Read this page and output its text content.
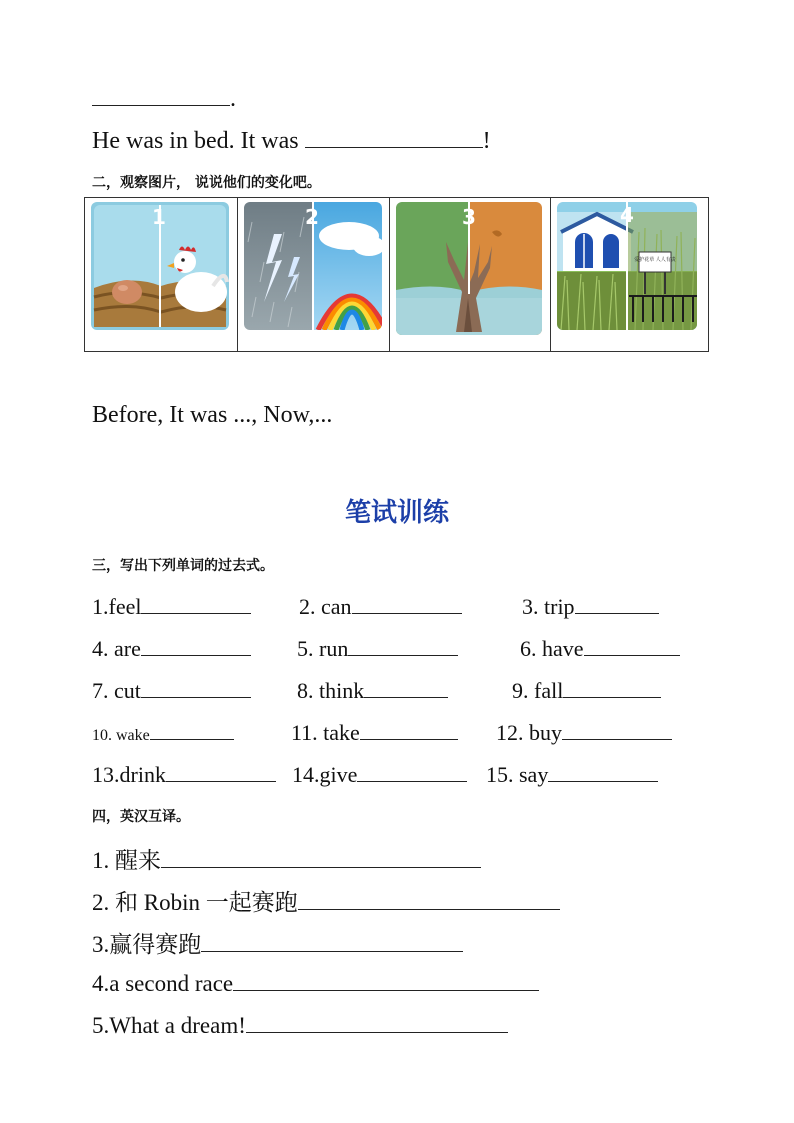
.
He was in bed. It was	!
二，观察图片， 说说他们的变化吧。
1	2	3
爱护花草 人人有责
4
Before, It was ..., Now,...
笔试训练
三，写出下列单词的过去式。
1.feel	2. can	3. trip
4. are	5. run	6. have
7. cut	8. think	9. fall
10. wake	11. take	12. buy
13.drink	14.give	15. say
四，英汉互译。
1. 醒来
2. 和 Robin 一起赛跑
3.赢得赛跑
4.a second race
5.What a dream!
